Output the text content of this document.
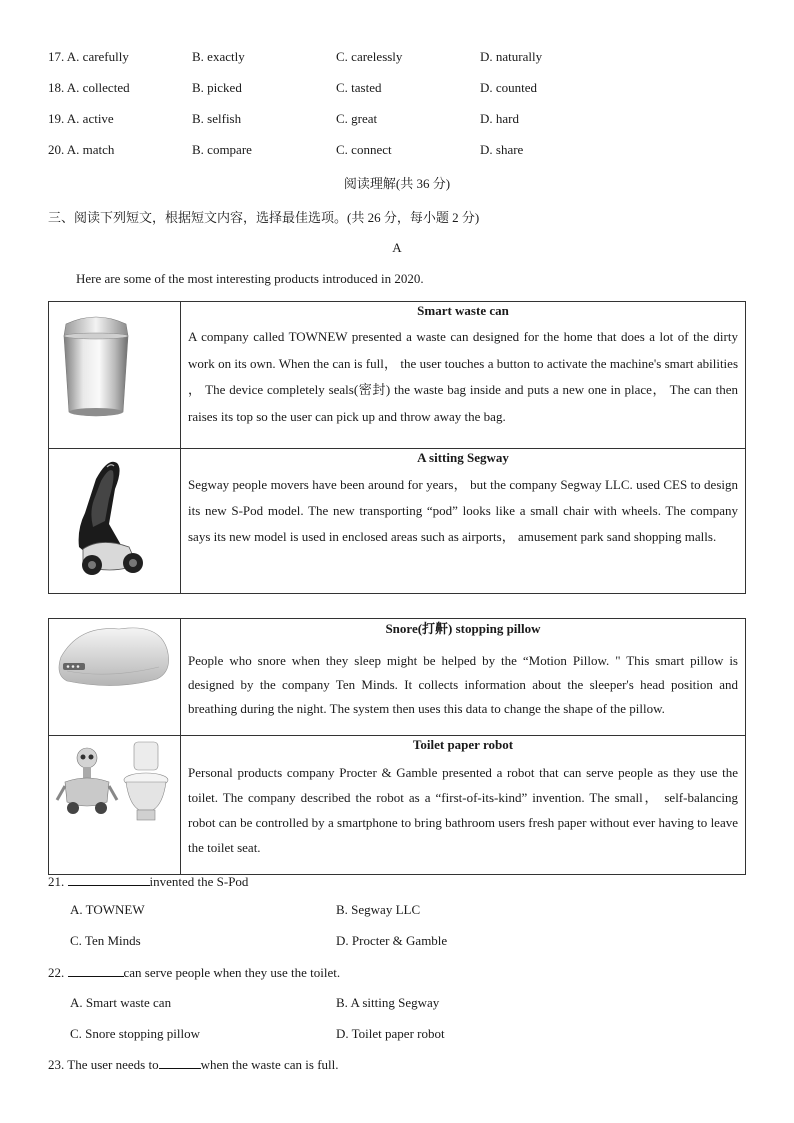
17. A. carefully	B. exactly	C. carelessly	D. naturally
18. A. collected	B. picked	C. tasted	D. counted
19. A. active	B. selfish	C. great	D. hard
20. A. match	B. compare	C. connect	D. share
阅读理解(共 36 分)
三、阅读下列短文，根据短文内容，选择最佳选项。(共 26 分，每小题 2 分)
A
Here are some of the most interesting products introduced in 2020.

Smart waste can
A company called TOWNEW presented a waste can designed for the home that does a lot of the dirty work on its own. When the can is full， the user touches a button to activate the machine's smart abilities ， The device completely seals(密封) the waste bag inside and puts a new one in place， The can then raises its top so the user can pick up and throw away the bag.

A sitting Segway
Segway people movers have been around for years， but the company Segway LLC. used CES to design its new S-Pod model. The new transporting “pod” looks like a small chair with wheels. The company says its new model is used in enclosed areas such as airports， amusement park sand shopping malls.

Snore(打鼾) stopping pillow
People who snore when they sleep might be helped by the “Motion Pillow. " This smart pillow is designed by the company Ten Minds. It collects information about the sleeper's head position and breathing during the night. The system then uses this data to change the shape of the pillow.

Toilet paper robot
Personal products company Procter & Gamble presented a robot that can serve people as they use the toilet. The company described the robot as a “first-of-its-kind” invention. The small， self-balancing robot can be controlled by a smartphone to bring bathroom users fresh paper without ever having to leave the toilet seat.
21.	invented the S-Pod
A. TOWNEW	B. Segway LLC
C. Ten Minds	D. Procter & Gamble
22.	can serve people when they use the toilet.
A. Smart waste can	B. A sitting Segway
C. Snore stopping pillow	D. Toilet paper robot
23. The user needs to	when the waste can is full.
